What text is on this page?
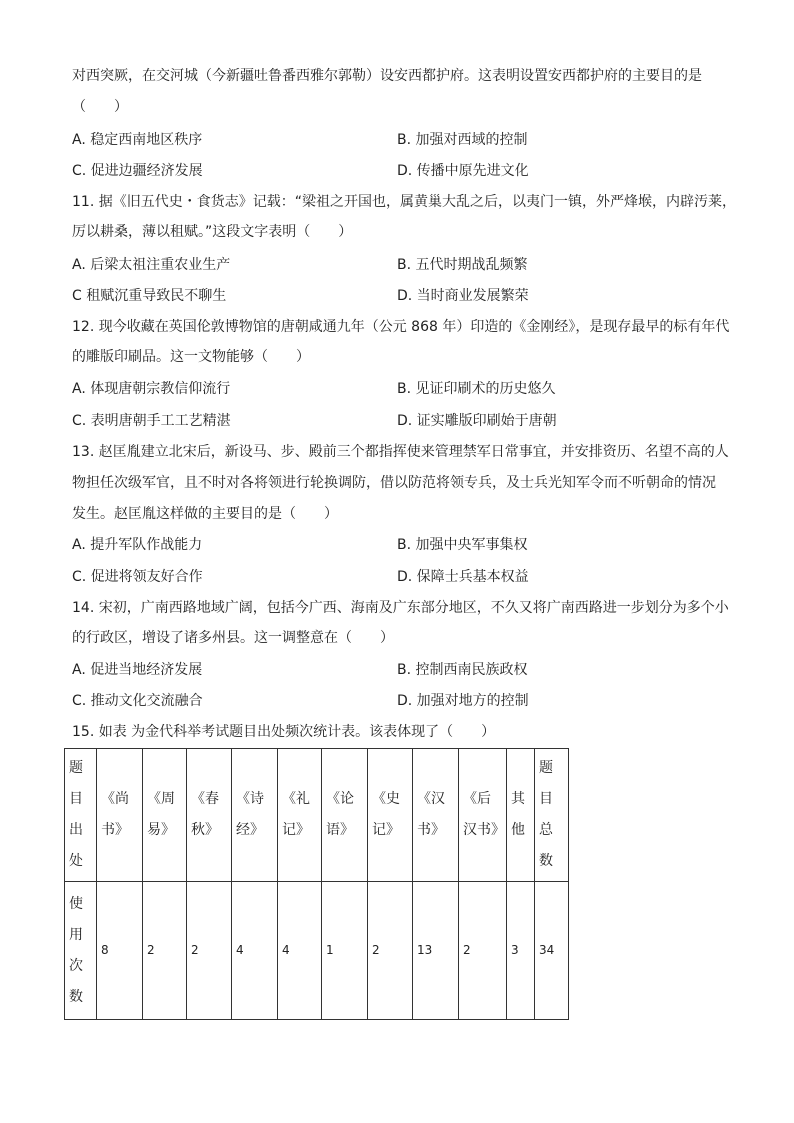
对西突厥，在交河城（今新疆吐鲁番西雅尔郭勒）设安西都护府。这表明设置安西都护府的主要目的是
（　　）
A. 稳定西南地区秩序	B. 加强对西域的控制
C. 促进边疆经济发展	D. 传播中原先进文化
11. 据《旧五代史・食货志》记载：“梁祖之开国也，属黄巢大乱之后，以夷门一镇，外严烽堠，内辟汚莱，
厉以耕桑，薄以租赋。”这段文字表明（　　）
A. 后梁太祖注重农业生产	B. 五代时期战乱频繁
C 租赋沉重导致民不聊生	D. 当时商业发展繁荣
12. 现今收藏在英国伦敦博物馆的唐朝咸通九年（公元 868 年）印造的《金刚经》，是现存最早的标有年代
的雕版印刷品。这一文物能够（　　）
A. 体现唐朝宗教信仰流行	B. 见证印刷术的历史悠久
C. 表明唐朝手工工艺精湛	D. 证实雕版印刷始于唐朝
13. 赵匡胤建立北宋后，新设马、步、殿前三个都指挥使来管理禁军日常事宜，并安排资历、名望不高的人
物担任次级军官，且不时对各将领进行轮换调防，借以防范将领专兵，及士兵光知军令而不听朝命的情况
发生。赵匡胤这样做的主要目的是（　　）
A. 提升军队作战能力	B. 加强中央军事集权
C. 促进将领友好合作	D. 保障士兵基本权益
14. 宋初，广南西路地域广阔，包括今广西、海南及广东部分地区，不久又将广南西路进一步划分为多个小
的行政区，增设了诸多州县。这一调整意在（　　）
A. 促进当地经济发展	B. 控制西南民族政权
C. 推动文化交流融合	D. 加强对地方的控制
15. 如表 为金代科举考试题目出处频次统计表。该表体现了（　　）
题目出处	《尚书》	《周易》	《春秋》	《诗经》	《礼记》	《论语》	《史记》	《汉书》	《后汉书》	其他	题目总数

使用次数	8	2	2	4	4	1	2	13	2	3	34
